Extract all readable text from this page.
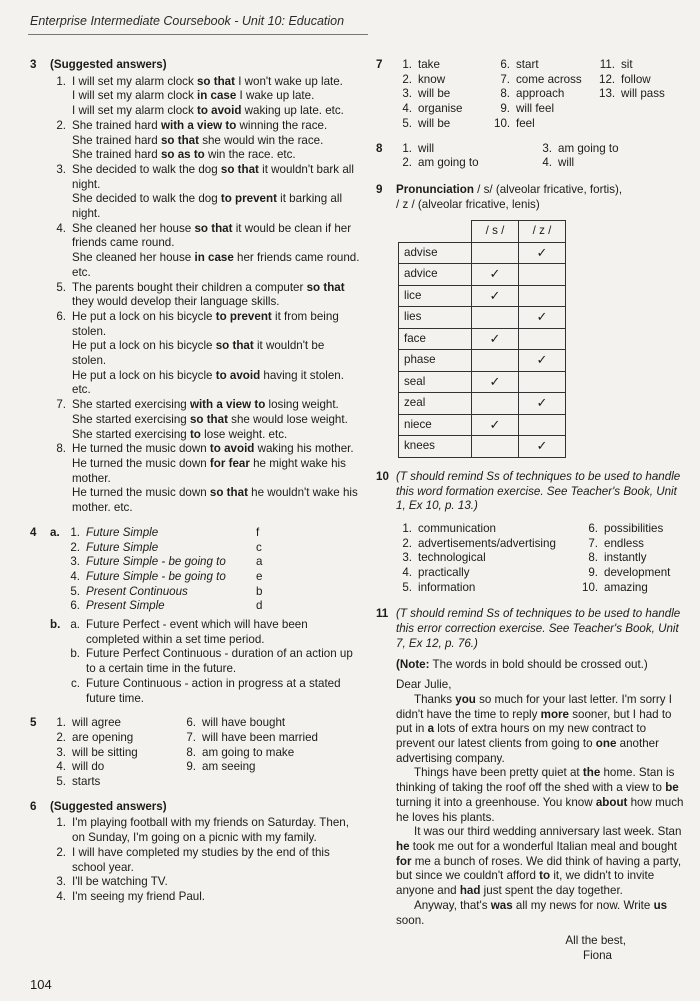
Enterprise Intermediate Coursebook - Unit 10: Education
3 (Suggested answers)
1. I will set my alarm clock so that I won't wake up late.
I will set my alarm clock in case I wake up late.
I will set my alarm clock to avoid waking up late. etc.
2. She trained hard with a view to winning the race.
She trained hard so that she would win the race.
She trained hard so as to win the race. etc.
3. She decided to walk the dog so that it wouldn't bark all night.
She decided to walk the dog to prevent it barking all night.
4. She cleaned her house so that it would be clean if her friends came round.
She cleaned her house in case her friends came round. etc.
5. The parents bought their children a computer so that they would develop their language skills.
6. He put a lock on his bicycle to prevent it from being stolen.
He put a lock on his bicycle so that it wouldn't be stolen.
He put a lock on his bicycle to avoid having it stolen. etc.
7. She started exercising with a view to losing weight.
She started exercising so that she would lose weight.
She started exercising to lose weight. etc.
8. He turned the music down to avoid waking his mother.
He turned the music down for fear he might wake his mother.
He turned the music down so that he wouldn't wake his mother. etc.
4 a. 1. Future Simple	f
2. Future Simple	c
3. Future Simple - be going to	a
4. Future Simple - be going to	e
5. Present Continuous	b
6. Present Simple	d
b. a. Future Perfect - event which will have been completed within a set time period.
b. Future Perfect Continuous - duration of an action up to a certain time in the future.
c. Future Continuous - action in progress at a stated future time.
5	1. will agree
2. are opening
3. will be sitting
4. will do
5. starts
6. will have bought
7. will have been married
8. am going to make
9. am seeing
6 (Suggested answers)
1. I'm playing football with my friends on Saturday. Then, on Sunday, I'm going on a picnic with my family.
2. I will have completed my studies by the end of this school year.
3. I'll be watching TV.
4. I'm seeing my friend Paul.
7	1. take
2. know
3. will be
4. organise
5. will be
6. start
7. come across
8. approach
9. will feel
10. feel
11. sit
12. follow
13. will pass
8	1. will
2. am going to
3. am going to
4. will
9 Pronunciation / s/ (alveolar fricative, fortis),
/ z / (alveolar fricative, lenis)
	/ s /	/ z /
advise		✓
advice	✓	
lice	✓	
lies		✓
face	✓	
phase		✓
seal	✓	
zeal		✓
niece	✓	
knees		✓
10 (T should remind Ss of techniques to be used to handle this word formation exercise. See Teacher's Book, Unit 1, Ex 10, p. 13.)
1. communication
2. advertisements/advertising
3. technological
4. practically
5. information
6. possibilities
7. endless
8. instantly
9. development
10. amazing
11 (T should remind Ss of techniques to be used to handle this error correction exercise. See Teacher's Book, Unit 7, Ex 12, p. 76.)
(Note: The words in bold should be crossed out.)
Dear Julie,

Thanks you so much for your last letter. I'm sorry I didn't have the time to reply more sooner, but I had to put in a lots of extra hours on my new contract to prevent our latest clients from going to one another advertising company.

Things have been pretty quiet at the home. Stan is thinking of taking the roof off the shed with a view to be turning it into a greenhouse. You know about how much he loves his plants.

It was our third wedding anniversary last week. Stan he took me out for a wonderful Italian meal and bought for me a bunch of roses. We did think of having a party, but since we couldn't afford to it, we didn't to invite anyone and had just spent the day together.

Anyway, that's was all my news for now. Write us soon.

All the best,
Fiona
104
